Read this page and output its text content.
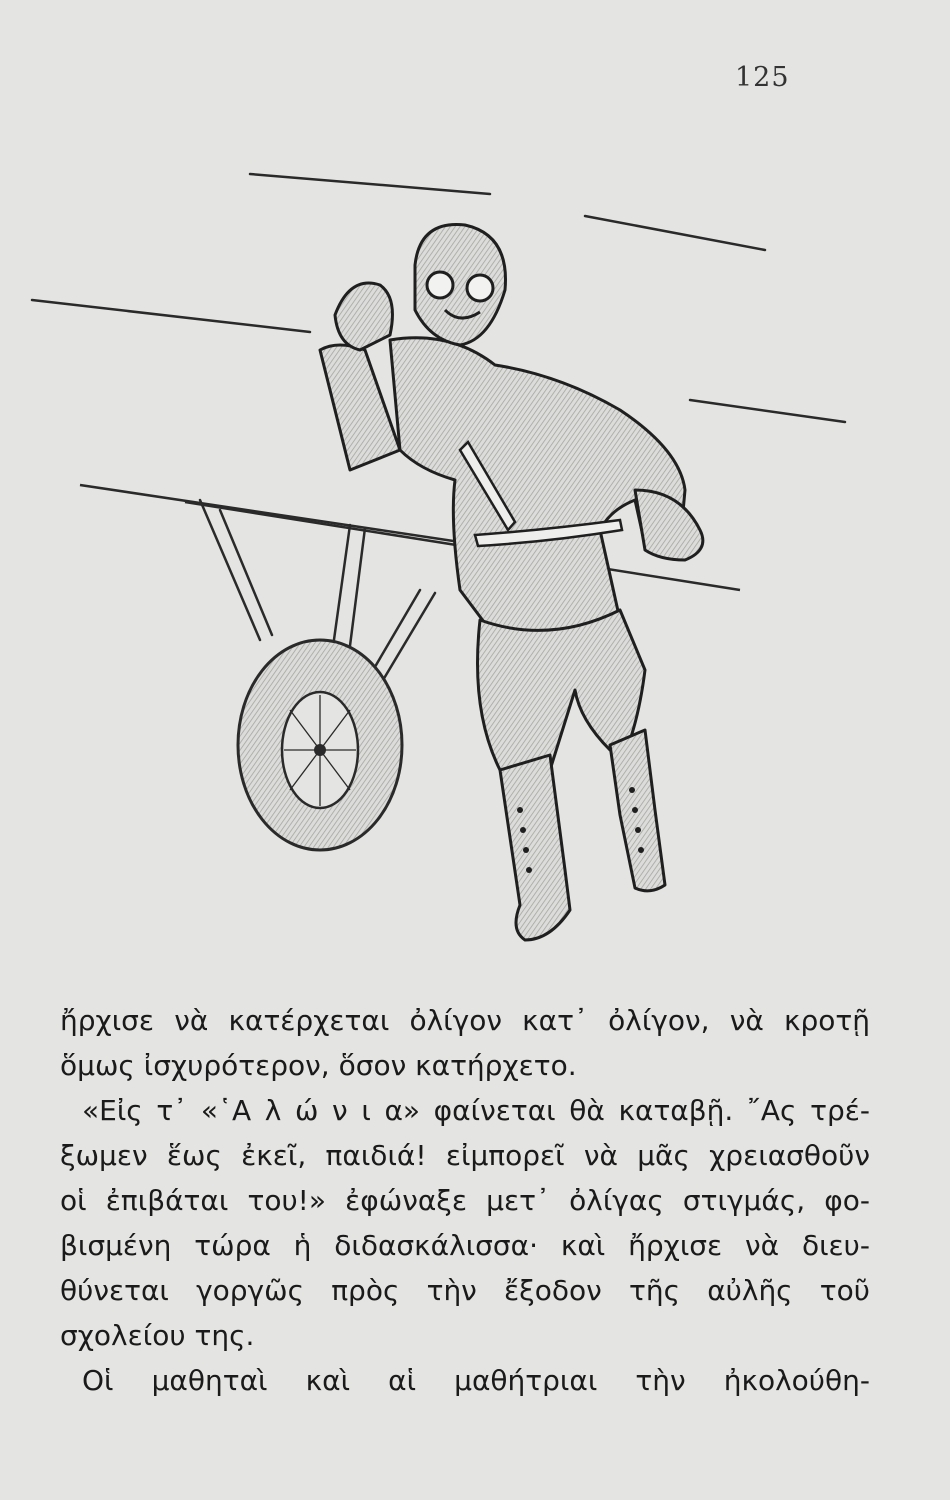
125
ἤρχισε νὰ κατέρχεται ὀλίγον κατ᾽ ὀλίγον, νὰ κροτῇ
ὅμως ἰσχυρότερον, ὅσον κατήρχετο.
«Εἰς τ᾽ «῾Α λ ώ ν ι α» φαίνεται θὰ καταβῇ. ῎Ας τρέ-
ξωμεν ἕως ἐκεῖ, παιδιά! εἰμπορεῖ νὰ μᾶς χρειασθοῦν
οἱ ἐπιβάται του!» ἐφώναξε μετ᾽ ὀλίγας στιγμάς, φο-
βισμένη τώρα ἡ διδασκάλισσα· καὶ ἤρχισε νὰ διευ-
θύνεται γοργῶς πρὸς τὴν ἔξοδον τῆς αὐλῆς τοῦ
σχολείου της.
Οἱ μαθηταὶ καὶ αἱ μαθήτριαι τὴν ἠκολούθη-
